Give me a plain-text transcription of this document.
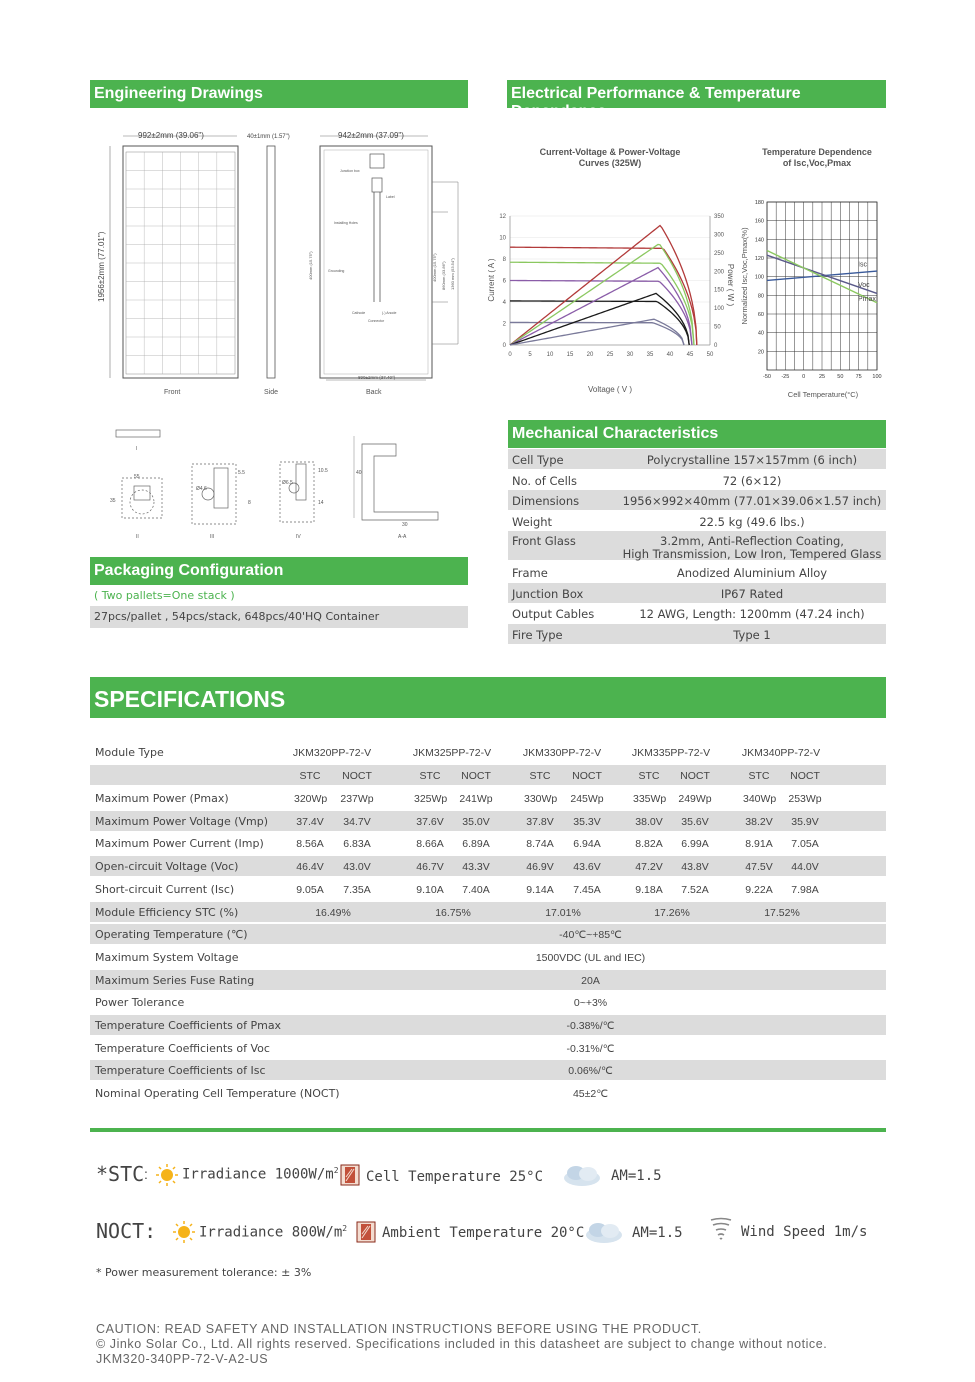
Engineering Drawings	Electrical Performance & Temperature Dependence
992±2mm (39.06")
1956±2mm (77.01")
Front
40±1mm (1.57")
Side
942±2mm (37.09")
Back
890±2mm (37.40")
Junction box
Label
Installing Holes
Grounding
Cathode	(-) Anode
Connector
400mm (15.75")	400mm (15.75") 860mm (33.86") 1360 mm (53.54")
I
II	III	IV	A-A
55
35
5.5
8
10.5
14
Ø4.6
Ø6.5
40
30
Current-Voltage & Power-Voltage
Curves (325W)
0	5 10 15 20 25 30 35 40 45 50
0
2
4
6
8
10
12
0
50
100
150
200
250
300
350
Voltage ( V )
Current ( A )	Power ( W )
Temperature Dependence
of Isc,Voc,Pmax
Isc
Voc
Pmax
-50 -25 0 25 50 75 100
20
40
60
80
100
120
140
160
180
Cell Temperature(°C)
Normalized Isc,Voc,Pmax(%)
Mechanical Characteristics
Cell Type	Polycrystalline 157×157mm (6 inch)
No. of Cells	72 (6×12)
Dimensions	1956×992×40mm (77.01×39.06×1.57 inch)
Weight	22.5 kg (49.6 lbs.)
Front Glass	3.2mm, Anti-Reflection Coating,
High Transmission, Low Iron, Tempered Glass
Frame	Anodized Aluminium Alloy
Junction Box	IP67 Rated
Output Cables	12 AWG, Length: 1200mm (47.24 inch)
Fire Type	Type 1
Packaging Configuration
( Two pallets=One stack )
27pcs/pallet , 54pcs/stack, 648pcs/40'HQ Container
SPECIFICATIONS
Module Type	JKM320PP-72-V	JKM325PP-72-V	JKM330PP-72-V	JKM335PP-72-V	JKM340PP-72-V
STC	NOCT	STC	NOCT	STC	NOCT	STC	NOCT	STC	NOCT
Maximum Power (Pmax)	320Wp 237Wp	325Wp 241Wp	330Wp 245Wp	335Wp 249Wp	340Wp 253Wp
Maximum Power Voltage (Vmp)	37.4V	34.7V	37.6V	35.0V	37.8V	35.3V	38.0V	35.6V	38.2V	35.9V
Maximum Power Current (Imp)	8.56A	6.83A	8.66A	6.89A	8.74A	6.94A	8.82A	6.99A	8.91A	7.05A
Open-circuit Voltage (Voc)	46.4V	43.0V	46.7V	43.3V	46.9V	43.6V	47.2V	43.8V	47.5V	44.0V
Short-circuit Current (Isc)	9.05A	7.35A	9.10A	7.40A	9.14A	7.45A	9.18A	7.52A	9.22A	7.98A
Module Efficiency STC (%)	16.49%	16.75%	17.01%	17.26%	17.52%
Operating Temperature (℃)	-40℃~+85℃
Maximum System Voltage	1500VDC (UL and IEC)
Maximum Series Fuse Rating	20A
Power Tolerance	0~+3%
Temperature Coefficients of Pmax	-0.38%/℃
Temperature Coefficients of Voc	-0.31%/℃
Temperature Coefficients of Isc	0.06%/℃
Nominal Operating Cell Temperature (NOCT)	45±2℃
*STC : Irradiance $1000W/m^2$ Cell Temperature 25°C	AM=1.5
NOCT:	Irradiance $800W/m^2$ Ambient Temperature 20°C	AM=1.5	Wind Speed 1m/s
* Power measurement tolerance: ± 3%
CAUTION: READ SAFETY AND INSTALLATION INSTRUCTIONS BEFORE USING THE PRODUCT.
© Jinko Solar Co., Ltd. All rights reserved. Specifications included in this datasheet are subject to change without notice.
JKM320-340PP-72-V-A2-US
